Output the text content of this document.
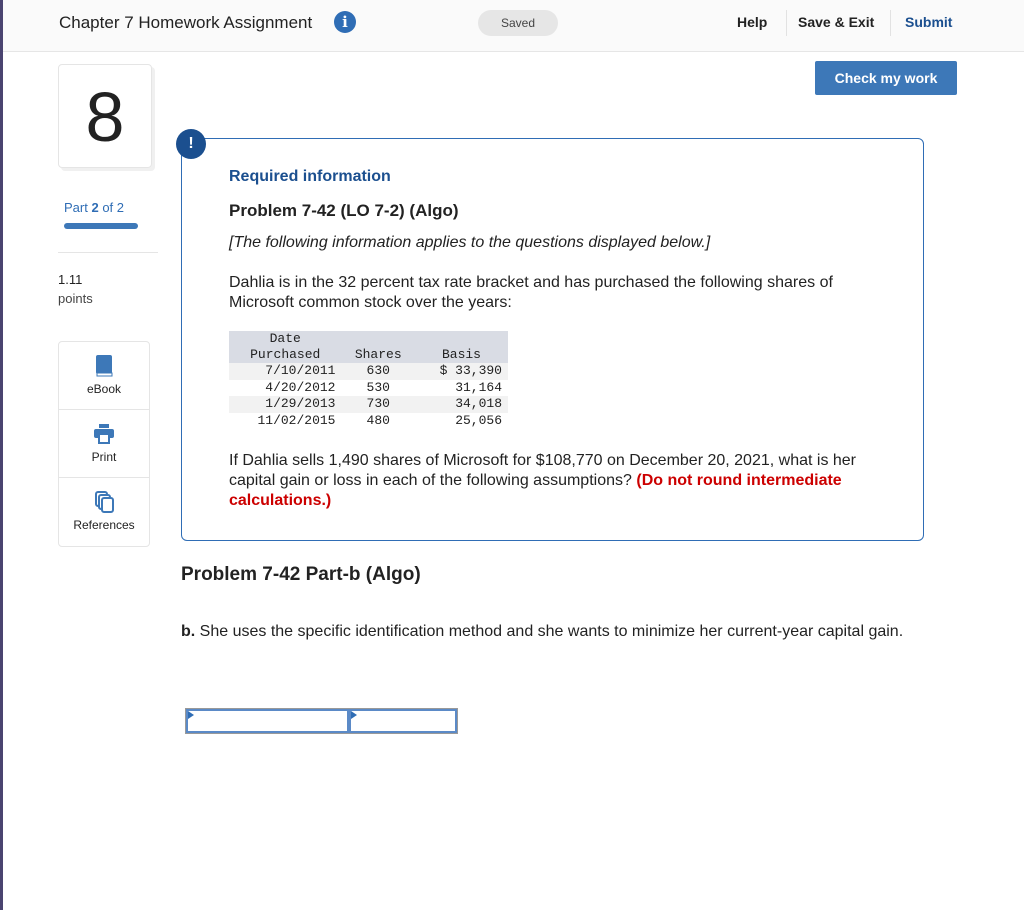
Chapter 7 Homework Assignment	i	Saved	Help Save & Exit Submit
Check my work
8
Part 2 of 2
1.11
points
eBook
Print
References
!
Required information
Problem 7-42 (LO 7-2) (Algo)
[The following information applies to the questions displayed below.]
Dahlia is in the 32 percent tax rate bracket and has purchased the following shares of Microsoft common stock over the years:
Date
Purchased	Shares	Basis
7/10/2011	630	$ 33,390
4/20/2012	530	31,164
1/29/2013	730	34,018
11/02/2015	480	25,056
If Dahlia sells 1,490 shares of Microsoft for $108,770 on December 20, 2021, what is her capital gain or loss in each of the following assumptions? (Do not round intermediate calculations.)
Problem 7-42 Part-b (Algo)
b. She uses the specific identification method and she wants to minimize her current-year capital gain.
